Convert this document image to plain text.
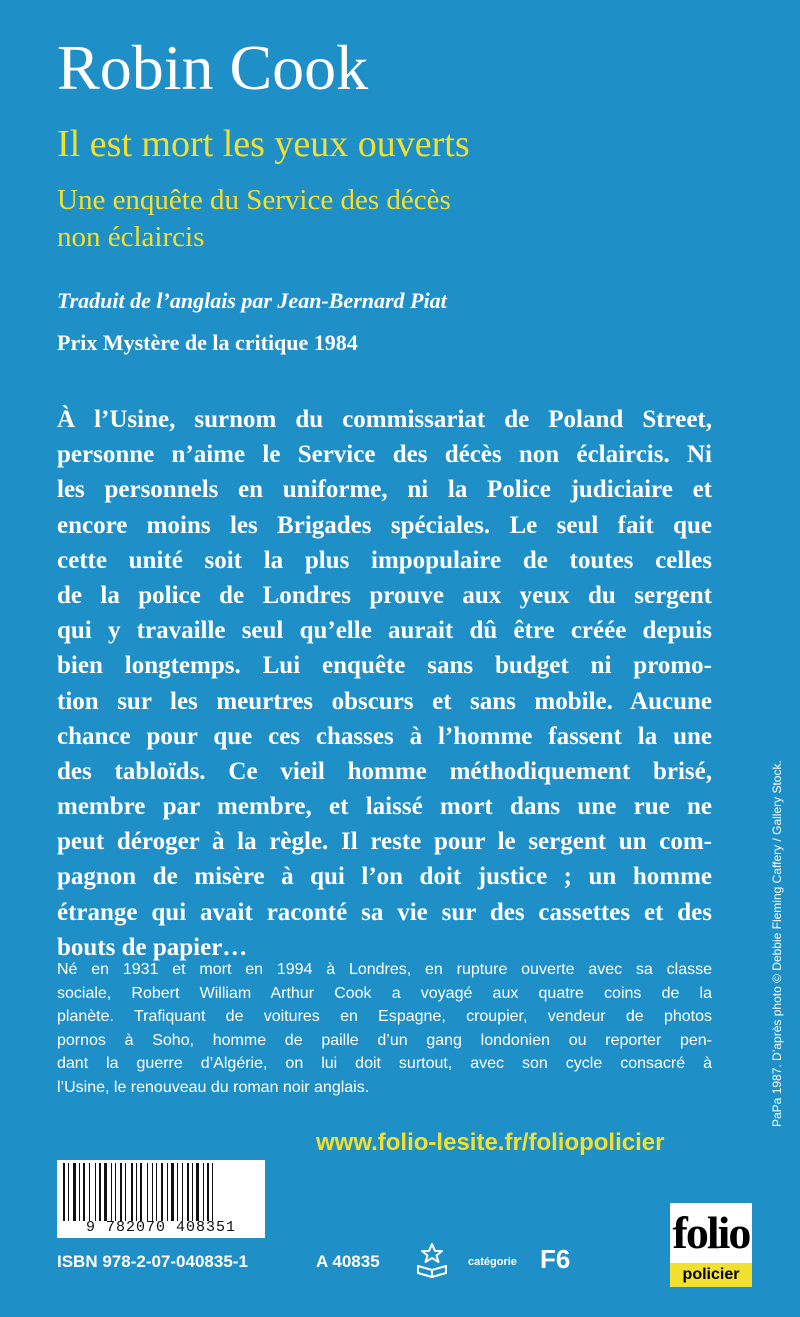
Robin Cook
Il est mort les yeux ouverts
Une enquête du Service des décès
non éclaircis
Traduit de l’anglais par Jean-Bernard Piat
Prix Mystère de la critique 1984
À l’Usine, surnom du commissariat de Poland Street,
personne n’aime le Service des décès non éclaircis. Ni
les personnels en uniforme, ni la Police judiciaire et
encore moins les Brigades spéciales. Le seul fait que
cette unité soit la plus impopulaire de toutes celles
de la police de Londres prouve aux yeux du sergent
qui y travaille seul qu’elle aurait dû être créée depuis
bien longtemps. Lui enquête sans budget ni promo-
tion sur les meurtres obscurs et sans mobile. Aucune
chance pour que ces chasses à l’homme fassent la une
des tabloïds. Ce vieil homme méthodiquement brisé,
membre par membre, et laissé mort dans une rue ne
peut déroger à la règle. Il reste pour le sergent un com-
pagnon de misère à qui l’on doit justice ; un homme
étrange qui avait raconté sa vie sur des cassettes et des
bouts de papier…
Né en 1931 et mort en 1994 à Londres, en rupture ouverte avec sa classe
sociale, Robert William Arthur Cook a voyagé aux quatre coins de la
planète. Trafiquant de voitures en Espagne, croupier, vendeur de photos
pornos à Soho, homme de paille d’un gang londonien ou reporter pen-
dant la guerre d’Algérie, on lui doit surtout, avec son cycle consacré à
l’Usine, le renouveau du roman noir anglais.	PaPa 1987. D’après photo © Debbie Fleming Caffery / Gallery Stock.
www.folio-lesite.fr/foliopolicier
9 782070 408351
ISBN 978-2-07-040835-1	A 40835	catégorie F6
folio
policier
